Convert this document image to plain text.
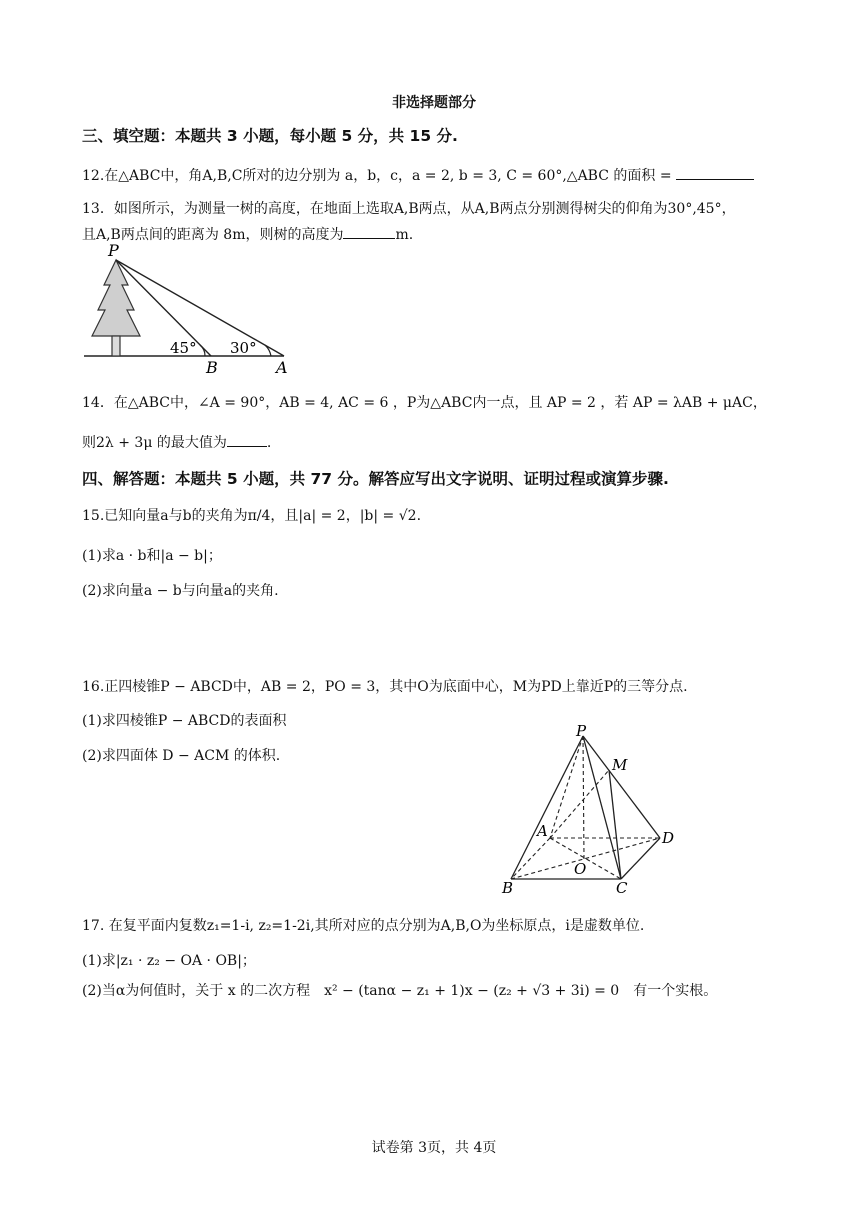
非选择题部分
三、填空题：本题共 3 小题，每小题 5 分，共 15 分.
12.在△ABC中，角A,B,C所对的边分别为 a，b，c，a = 2, b = 3, C = 60°,△ABC 的面积 =
13．如图所示，为测量一树的高度，在地面上选取A,B两点，从A,B两点分别测得树尖的仰角为30°,45°，
且A,B两点间的距离为 8m，则树的高度为	m.
P
B	A
45° 30°
14．在△ABC中，∠A = 90°，AB = 4, AC = 6 ，P为△ABC内一点，且 AP = 2 ，若 AP = λAB + μAC，
则2λ + 3μ 的最大值为	.
四、解答题：本题共 5 小题，共 77 分。解答应写出文字说明、证明过程或演算步骤.
15.已知向量a与b的夹角为π/4，且|a| = 2，|b| = √2.
(1)求a · b和|a − b|；
(2)求向量a − b与向量a的夹角.
16.正四棱锥P − ABCD中，AB = 2，PO = 3，其中O为底面中心，M为PD上靠近P的三等分点.
(1)求四棱锥P − ABCD的表面积
(2)求四面体 D − ACM 的体积.
P
M
A	D
O
B	C
17. 在复平面内复数z₁=1-i, z₂=1-2i,其所对应的点分别为A,B,O为坐标原点，i是虚数单位.
(1)求|z₁ · z₂ − OA · OB|；
(2)当α为何值时，关于 x 的二次方程　x² − (tanα − z₁ + 1)x − (z₂ + √3 + 3i) = 0　有一个实根。
试卷第 3页，共 4页
